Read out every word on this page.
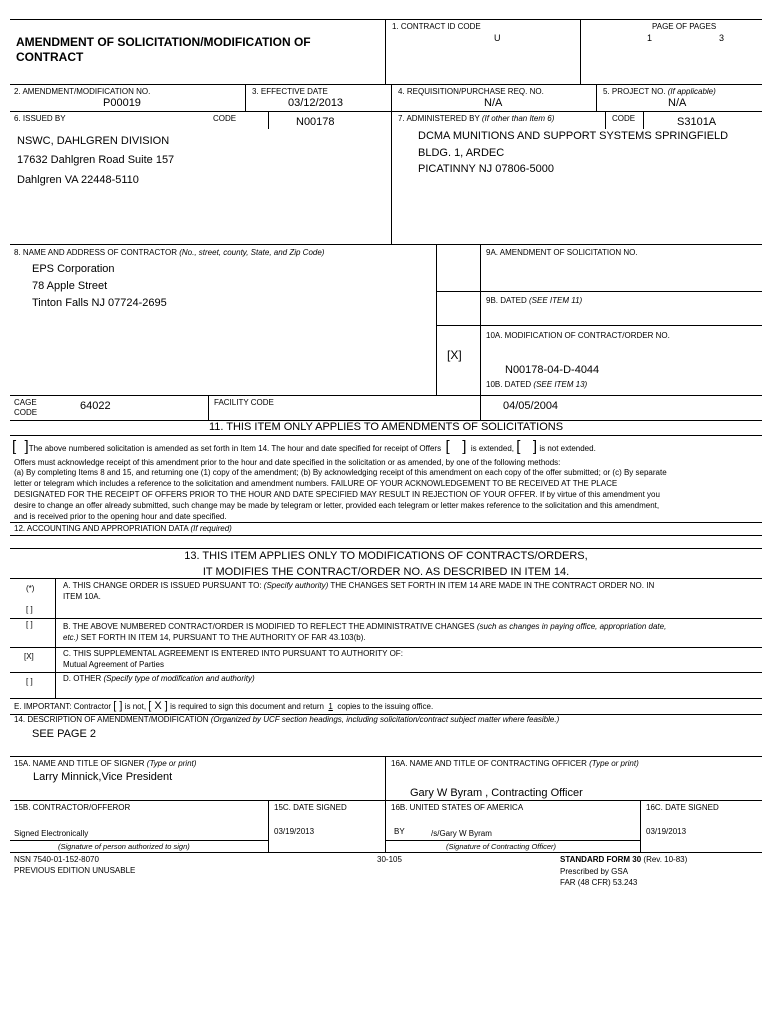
AMENDMENT OF SOLICITATION/MODIFICATION OF
CONTRACT
1. CONTRACT ID CODE
U
PAGE OF PAGES
1	3
2. AMENDMENT/MODIFICATION NO.
P00019
3. EFFECTIVE DATE
03/12/2013
4. REQUISITION/PURCHASE REQ. NO.
N/A
5. PROJECT NO. (If applicable)
N/A
6. ISSUED BY	CODE	N00178
NSWC, DAHLGREN DIVISION
17632 Dahlgren Road Suite 157
Dahlgren VA 22448-5110
7. ADMINISTERED BY (If other than Item 6)	CODE	S3101A
DCMA MUNITIONS AND SUPPORT SYSTEMS SPRINGFIELD
BLDG. 1, ARDEC
PICATINNY NJ 07806-5000
8. NAME AND ADDRESS OF CONTRACTOR (No., street, county, State, and Zip Code)
EPS Corporation
78 Apple Street
Tinton Falls NJ 07724-2695
9A. AMENDMENT OF SOLICITATION NO.
9B. DATED (SEE ITEM 11)
10A. MODIFICATION OF CONTRACT/ORDER NO.
[X]
N00178-04-D-4044
10B. DATED (SEE ITEM 13)
04/05/2004
CAGE
CODE
64022	FACILITY CODE
11. THIS ITEM ONLY APPLIES TO AMENDMENTS OF SOLICITATIONS
[ ]The above numbered solicitation is amended as set forth in Item 14. The hour and date specified for receipt of Offers [ ] is extended, [ ] is not extended.
Offers must acknowledge receipt of this amendment prior to the hour and date specified in the solicitation or as amended, by one of the following methods:
(a) By completing Items 8 and 15, and returning one (1) copy of the amendment; (b) By acknowledging receipt of this amendment on each copy of the offer submitted; or (c) By separate
letter or telegram which includes a reference to the solicitation and amendment numbers. FAILURE OF YOUR ACKNOWLEDGEMENT TO BE RECEIVED AT THE PLACE
DESIGNATED FOR THE RECEIPT OF OFFERS PRIOR TO THE HOUR AND DATE SPECIFIED MAY RESULT IN REJECTION OF YOUR OFFER. If by virtue of this amendment you
desire to change an offer already submitted, such change may be made by telegram or letter, provided each telegram or letter makes reference to the solicitation and this amendment,
and is received prior to the opening hour and date specified.
12. ACCOUNTING AND APPROPRIATION DATA (If required)
13. THIS ITEM APPLIES ONLY TO MODIFICATIONS OF CONTRACTS/ORDERS,
IT MODIFIES THE CONTRACT/ORDER NO. AS DESCRIBED IN ITEM 14.
(*)	A. THIS CHANGE ORDER IS ISSUED PURSUANT TO: (Specify authority) THE CHANGES SET FORTH IN ITEM 14 ARE MADE IN THE CONTRACT ORDER NO. IN
ITEM 10A.
[ ]
[ ]	B. THE ABOVE NUMBERED CONTRACT/ORDER IS MODIFIED TO REFLECT THE ADMINISTRATIVE CHANGES (such as changes in paying office, appropriation date,
etc.) SET FORTH IN ITEM 14, PURSUANT TO THE AUTHORITY OF FAR 43.103(b).
[X]	C. THIS SUPPLEMENTAL AGREEMENT IS ENTERED INTO PURSUANT TO AUTHORITY OF:
Mutual Agreement of Parties
[ ]	D. OTHER (Specify type of modification and authority)
E. IMPORTANT: Contractor [ ] is not, [ X ] is required to sign this document and return 1 copies to the issuing office.
14. DESCRIPTION OF AMENDMENT/MODIFICATION (Organized by UCF section headings, including solicitation/contract subject matter where feasible.)
SEE PAGE 2
15A. NAME AND TITLE OF SIGNER (Type or print)
Larry Minnick,Vice President
16A. NAME AND TITLE OF CONTRACTING OFFICER (Type or print)
Gary W Byram , Contracting Officer
15B. CONTRACTOR/OFFEROR	15C. DATE SIGNED	16B. UNITED STATES OF AMERICA	16C. DATE SIGNED
Signed Electronically	03/19/2013	BY	/s/Gary W Byram	03/19/2013
(Signature of person authorized to sign)	(Signature of Contracting Officer)
NSN 7540-01-152-8070
PREVIOUS EDITION UNUSABLE
30-105	STANDARD FORM 30 (Rev. 10-83)
Prescribed by GSA
FAR (48 CFR) 53.243
